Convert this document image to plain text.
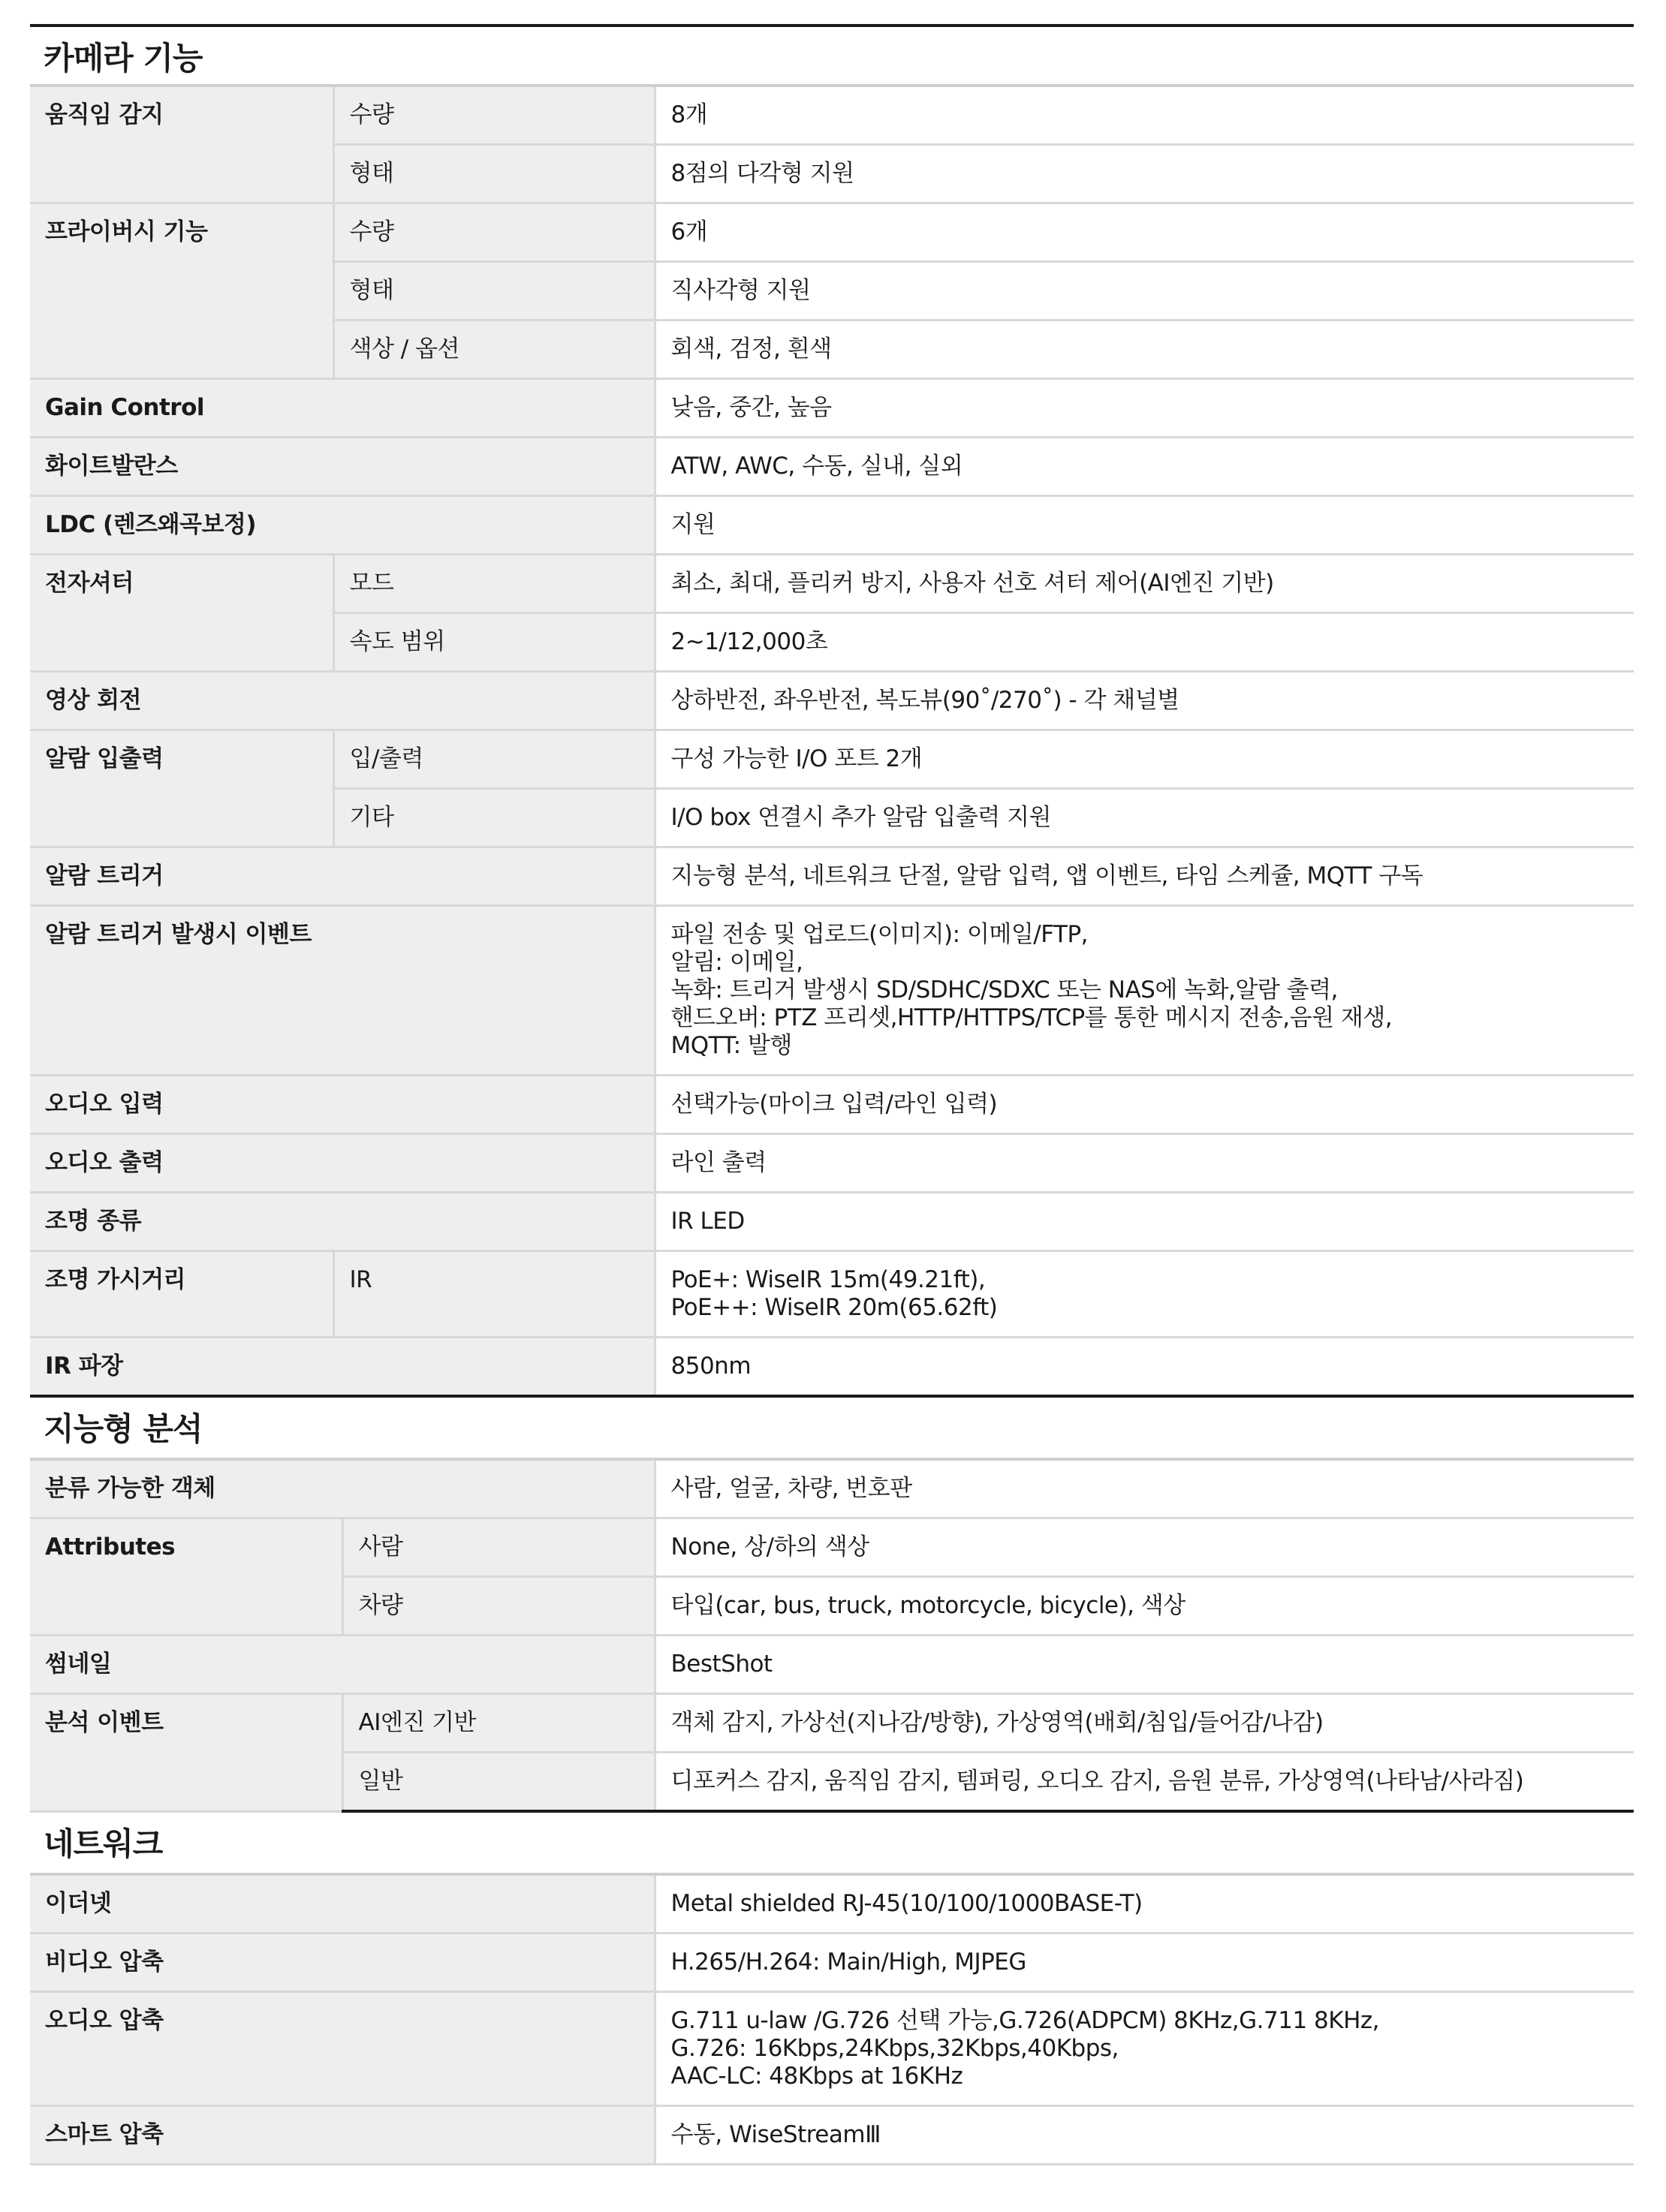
카메라 기능
움직임 감지	수량	8개
	형태	8점의 다각형 지원
프라이버시 기능	수량	6개
	형태	직사각형 지원
	색상 / 옵션	회색, 검정, 흰색
Gain Control		낮음, 중간, 높음
화이트발란스		ATW, AWC, 수동, 실내, 실외
LDC (렌즈왜곡보정)		지원
전자셔터	모드	최소, 최대, 플리커 방지, 사용자 선호 셔터 제어(AI엔진 기반)
	속도 범위	2~1/12,000초
영상 회전		상하반전, 좌우반전, 복도뷰(90˚/270˚) - 각 채널별
알람 입출력	입/출력	구성 가능한 I/O 포트 2개
	기타	I/O box 연결시 추가 알람 입출력 지원
알람 트리거		지능형 분석, 네트워크 단절, 알람 입력, 앱 이벤트, 타임 스케쥴, MQTT 구독
알람 트리거 발생시 이벤트		파일 전송 및 업로드(이미지): 이메일/FTP,
알림: 이메일,
녹화: 트리거 발생시 SD/SDHC/SDXC 또는 NAS에 녹화,알람 출력,
핸드오버: PTZ 프리셋,HTTP/HTTPS/TCP를 통한 메시지 전송,음원 재생,
MQTT: 발행

오디오 입력		선택가능(마이크 입력/라인 입력)
오디오 출력		라인 출력
조명 종류		IR LED
조명 가시거리	IR	PoE+: WiseIR 15m(49.21ft),
PoE++: WiseIR 20m(65.62ft)

IR 파장		850nm
지능형 분석
분류 가능한 객체		사람, 얼굴, 차량, 번호판
Attributes	사람	None, 상/하의 색상
	차량	타입(car, bus, truck, motorcycle, bicycle), 색상
썸네일		BestShot
분석 이벤트	AI엔진 기반	객체 감지, 가상선(지나감/방향), 가상영역(배회/침입/들어감/나감)
	일반	디포커스 감지, 움직임 감지, 템퍼링, 오디오 감지, 음원 분류, 가상영역(나타남/사라짐)
네트워크
이더넷	Metal shielded RJ-45(10/100/1000BASE-T)
비디오 압축	H.265/H.264: Main/High, MJPEG
오디오 압축	G.711 u-law /G.726 선택 가능,G.726(ADPCM) 8KHz,G.711 8KHz,
G.726: 16Kbps,24Kbps,32Kbps,40Kbps,
AAC-LC: 48Kbps at 16KHz

스마트 압축	수동, WiseStreamⅢ
